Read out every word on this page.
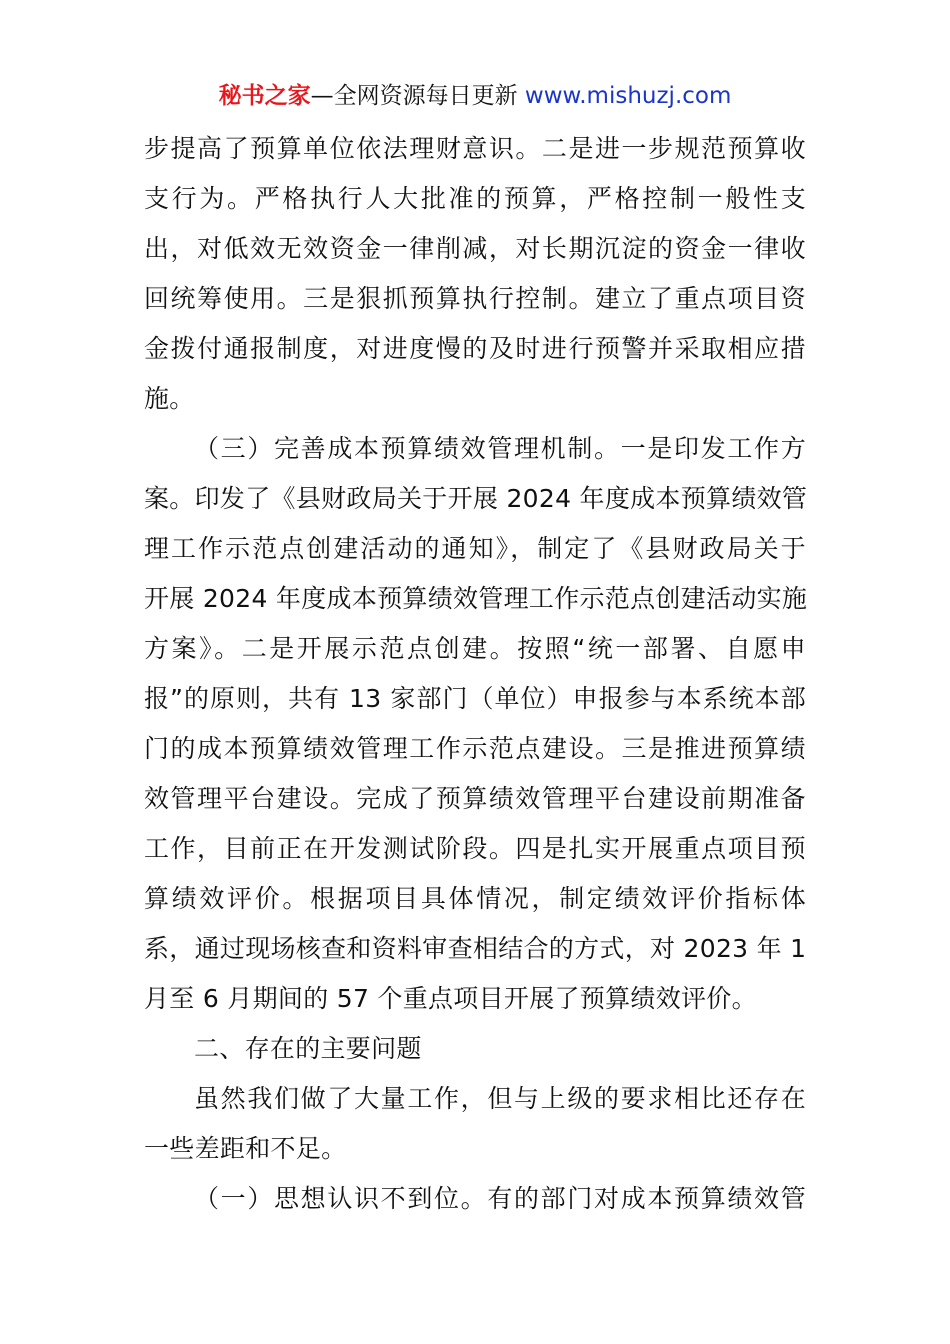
秘书之家—全网资源每日更新 www.mishuzj.com
步提高了预算单位依法理财意识。二是进一步规范预算收
支行为。严格执行人大批准的预算，严格控制一般性支
出，对低效无效资金一律削减，对长期沉淀的资金一律收
回统筹使用。三是狠抓预算执行控制。建立了重点项目资
金拨付通报制度，对进度慢的及时进行预警并采取相应措
施。
（三）完善成本预算绩效管理机制。一是印发工作方
案。印发了《县财政局关于开展 2024 年度成本预算绩效管
理工作示范点创建活动的通知》，制定了《县财政局关于
开展 2024 年度成本预算绩效管理工作示范点创建活动实施
方案》。二是开展示范点创建。按照“统一部署、自愿申
报”的原则，共有 13 家部门（单位）申报参与本系统本部
门的成本预算绩效管理工作示范点建设。三是推进预算绩
效管理平台建设。完成了预算绩效管理平台建设前期准备
工作，目前正在开发测试阶段。四是扎实开展重点项目预
算绩效评价。根据项目具体情况，制定绩效评价指标体
系，通过现场核查和资料审查相结合的方式，对 2023 年 1
月至 6 月期间的 57 个重点项目开展了预算绩效评价。
二、存在的主要问题
虽然我们做了大量工作，但与上级的要求相比还存在
一些差距和不足。
（一）思想认识不到位。有的部门对成本预算绩效管
